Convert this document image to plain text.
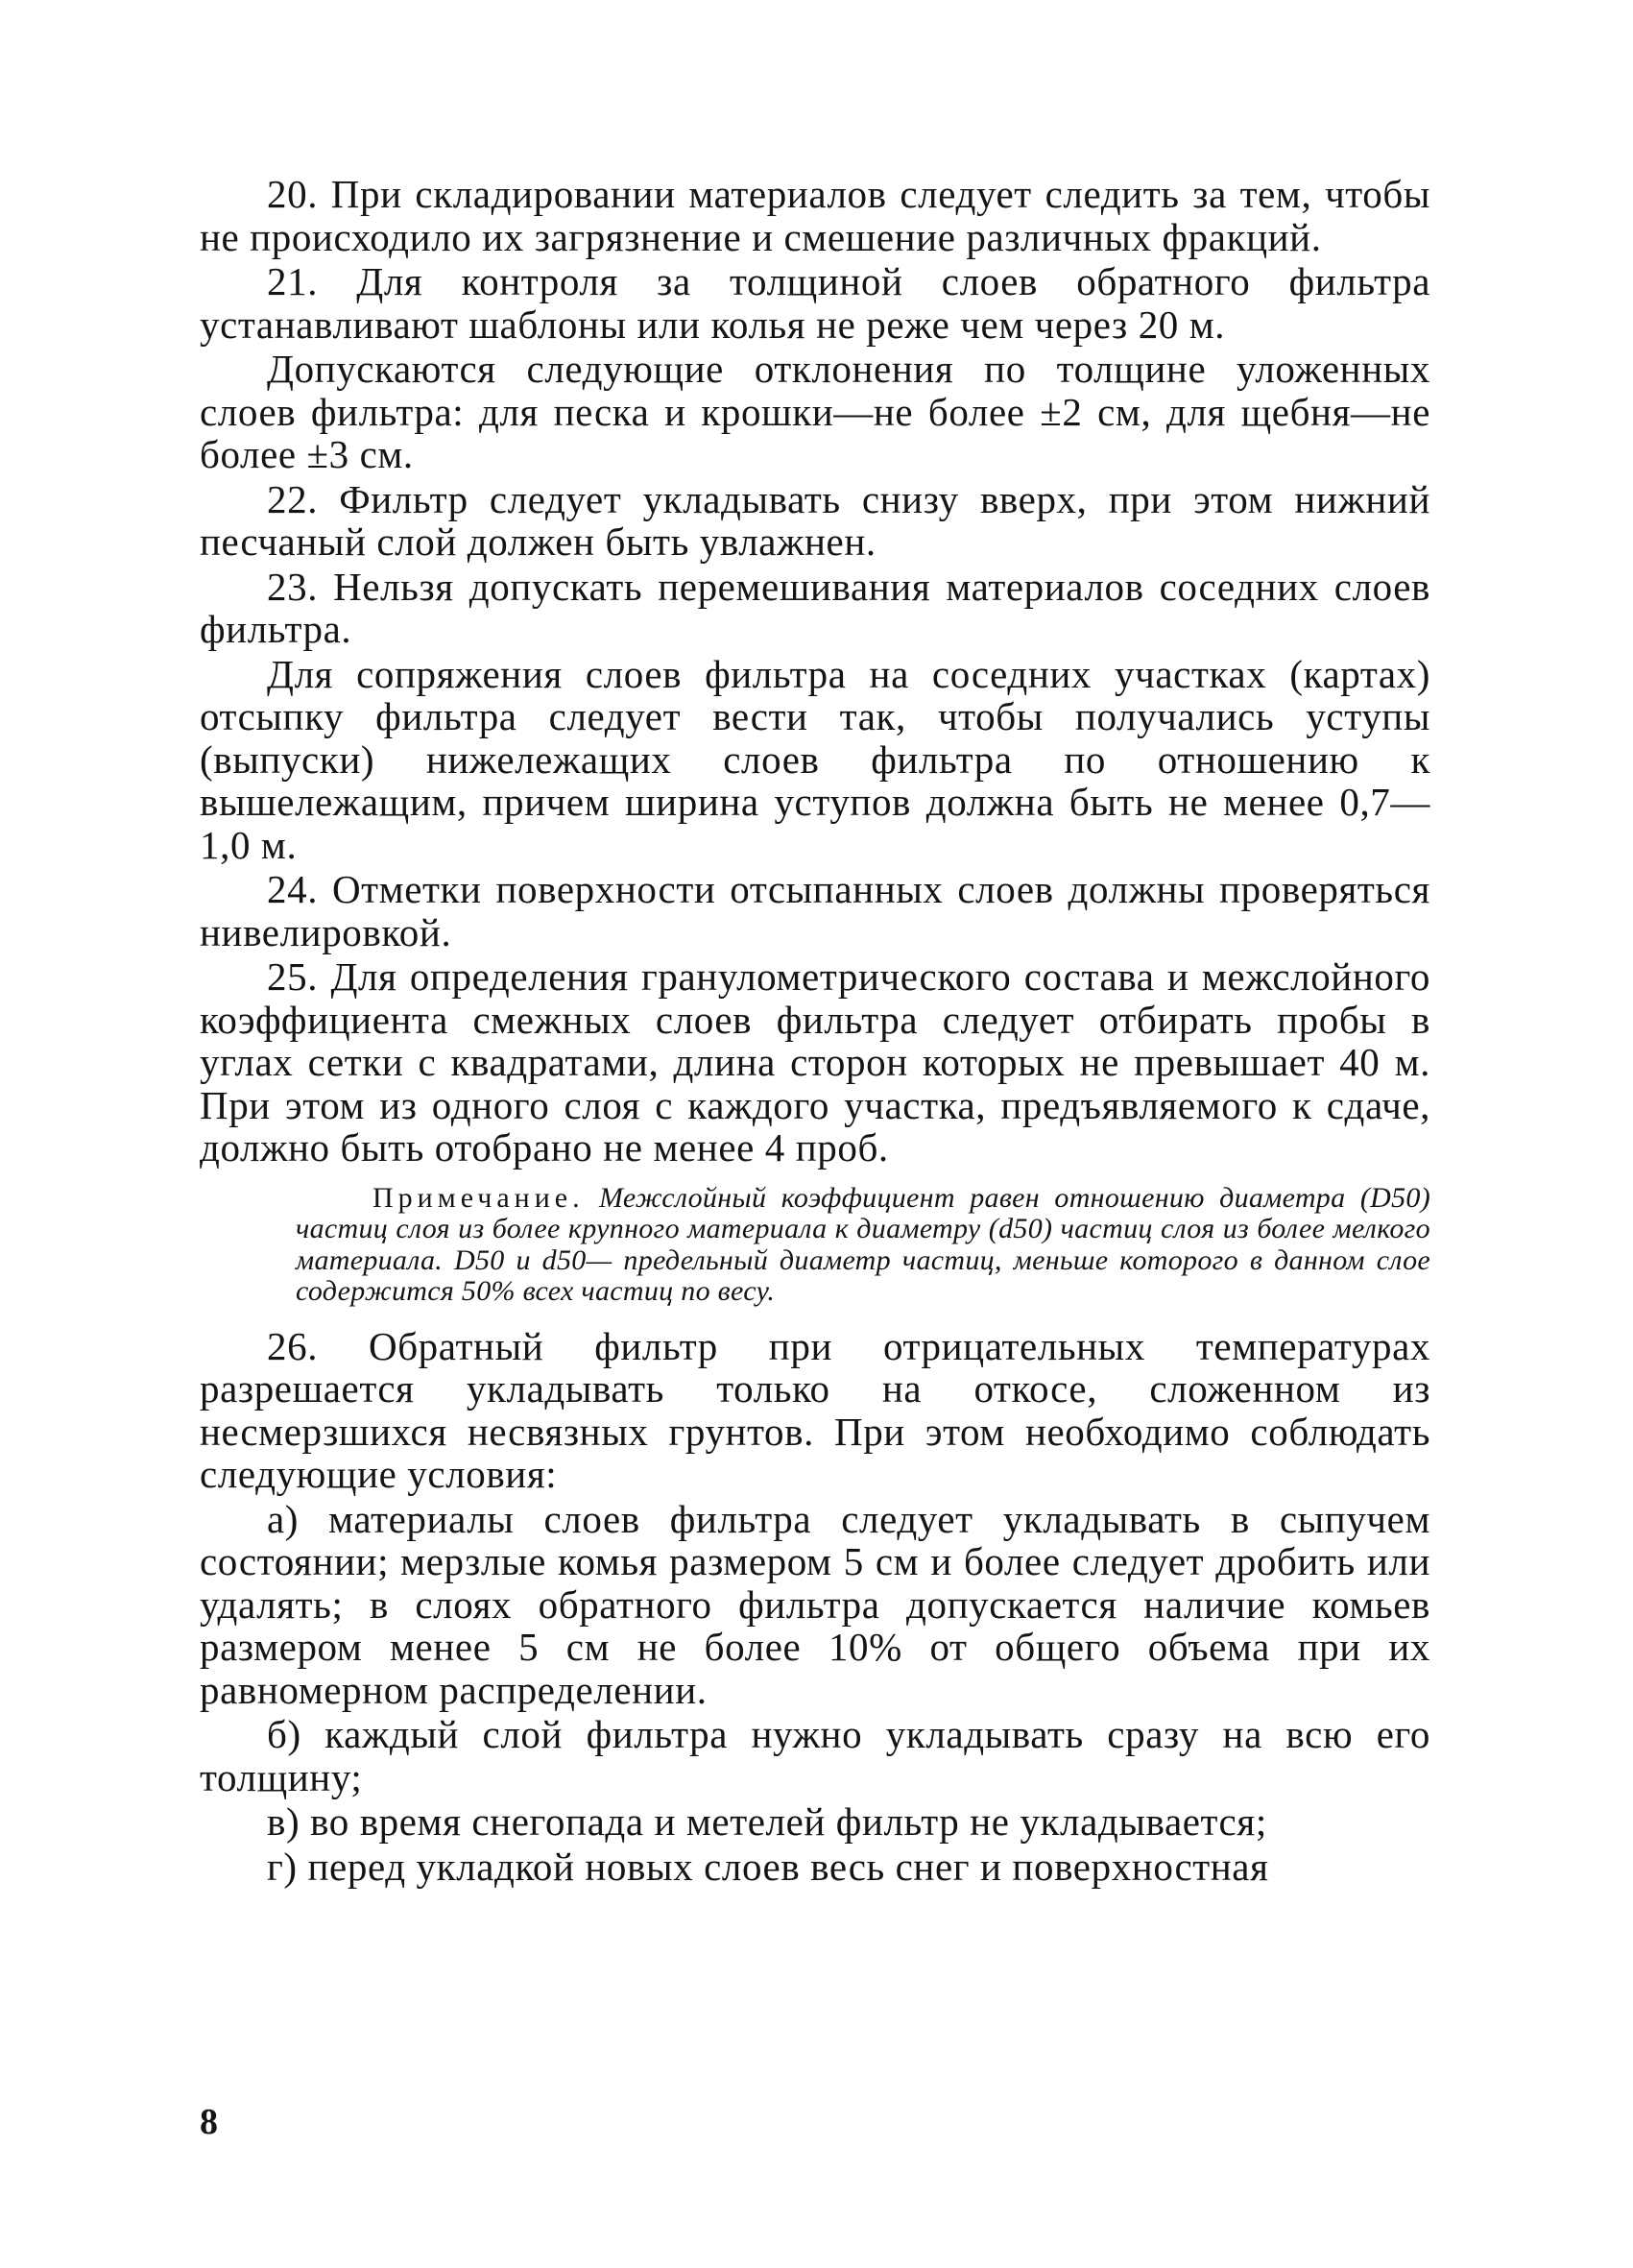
20. При складировании материалов следует следить за тем, чтобы не происходило их загрязнение и смешение различных фракций.

21. Для контроля за толщиной слоев обратного фильтра устанавливают шаблоны или колья не реже чем через 20 м.

Допускаются следующие отклонения по толщине уложенных слоев фильтра: для песка и крошки—не более ±2 см, для щебня—не более ±3 см.

22. Фильтр следует укладывать снизу вверх, при этом нижний песчаный слой должен быть увлажнен.

23. Нельзя допускать перемешивания материалов соседних слоев фильтра.

Для сопряжения слоев фильтра на соседних участках (картах) отсыпку фильтра следует вести так, чтобы получались уступы (выпуски) нижележащих слоев фильтра по отношению к вышележащим, причем ширина уступов должна быть не менее 0,7—1,0 м.

24. Отметки поверхности отсыпанных слоев должны проверяться нивелировкой.

25. Для определения гранулометрического состава и межслойного коэффициента смежных слоев фильтра следует отбирать пробы в углах сетки с квадратами, длина сторон которых не превышает 40 м. При этом из одного слоя с каждого участка, предъявляемого к сдаче, должно быть отобрано не менее 4 проб.

Примечание. Межслойный коэффициент равен отношению диаметра (D50) частиц слоя из более крупного материала к диаметру (d50) частиц слоя из более мелкого материала. D50 и d50— предельный диаметр частиц, меньше которого в данном слое содержится 50% всех частиц по весу.

26. Обратный фильтр при отрицательных температурах разрешается укладывать только на откосе, сложенном из несмерзшихся несвязных грунтов. При этом необходимо соблюдать следующие условия:

а) материалы слоев фильтра следует укладывать в сыпучем состоянии; мерзлые комья размером 5 см и более следует дробить или удалять; в слоях обратного фильтра допускается наличие комьев размером менее 5 см не более 10% от общего объема при их равномерном распределении.

б) каждый слой фильтра нужно укладывать сразу на всю его толщину;

в) во время снегопада и метелей фильтр не укладывается;

г) перед укладкой новых слоев весь снег и поверхностная

8
